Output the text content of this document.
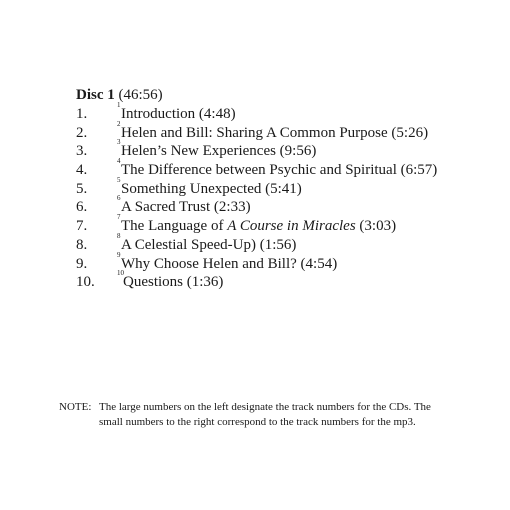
Disc 1 (46:56)
1.
1
Introduction (4:48)
2.
2
Helen and Bill: Sharing A Common Purpose (5:26)
3.
3
Helen’s New Experiences (9:56)
4.
4
The Difference between Psychic and Spiritual (6:57)
5.
5
Something Unexpected (5:41)
6.
6
A Sacred Trust (2:33)
7.
7
The Language of A Course in Miracles (3:03)
8.
8
A Celestial Speed-Up) (1:56)
9.
9
Why Choose Helen and Bill? (4:54)
10.
10
Questions (1:36)
NOTE: The large numbers on the left designate the track numbers for the CDs. The
small numbers to the right correspond to the track numbers for the mp3.
